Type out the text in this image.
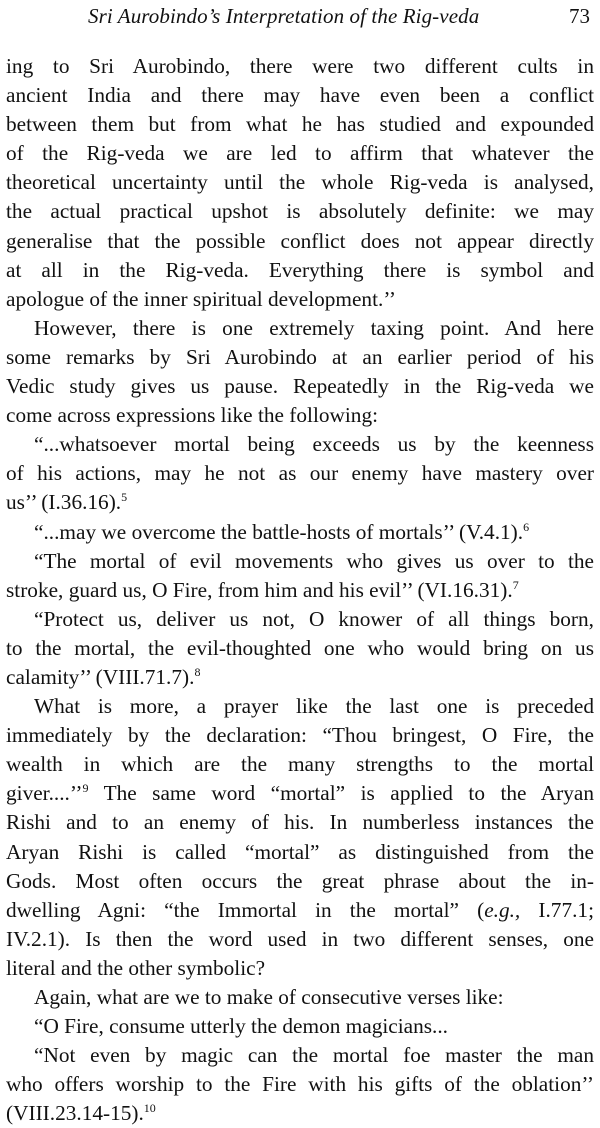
Sri Aurobindo’s Interpretation of the Rig-veda	73
ing to Sri Aurobindo, there were two different cults in
ancient India and there may have even been a conflict
between them but from what he has studied and expounded
of the Rig-veda we are led to affirm that whatever the
theoretical uncertainty until the whole Rig-veda is analysed,
the actual practical upshot is absolutely definite: we may
generalise that the possible conflict does not appear directly
at all in the Rig-veda. Everything there is symbol and
apologue of the inner spiritual development.’’
However, there is one extremely taxing point. And here
some remarks by Sri Aurobindo at an earlier period of his
Vedic study gives us pause. Repeatedly in the Rig-veda we
come across expressions like the following:
“...whatsoever mortal being exceeds us by the keenness
of his actions, may he not as our enemy have mastery over
us’’ (I.36.16).$^5$
“...may we overcome the battle-hosts of mortals’’ (V.4.1).$^6$
“The mortal of evil movements who gives us over to the
stroke, guard us, O Fire, from him and his evil’’ (VI.16.31).$^7$
“Protect us, deliver us not, O knower of all things born,
to the mortal, the evil-thoughted one who would bring on us
calamity’’ (VIII.71.7).$^8$
What is more, a prayer like the last one is preceded
immediately by the declaration: “Thou bringest, O Fire, the
wealth in which are the many strengths to the mortal
giver....’’$^9$ The same word “mortal” is applied to the Aryan
Rishi and to an enemy of his. In numberless instances the
Aryan Rishi is called “mortal” as distinguished from the
Gods. Most often occurs the great phrase about the in-
dwelling Agni: “the Immortal in the mortal” (e.g., I.77.1;
IV.2.1). Is then the word used in two different senses, one
literal and the other symbolic?
Again, what are we to make of consecutive verses like:
“O Fire, consume utterly the demon magicians...
“Not even by magic can the mortal foe master the man
who offers worship to the Fire with his gifts of the oblation’’
(VIII.23.14-15).$^{10}$
